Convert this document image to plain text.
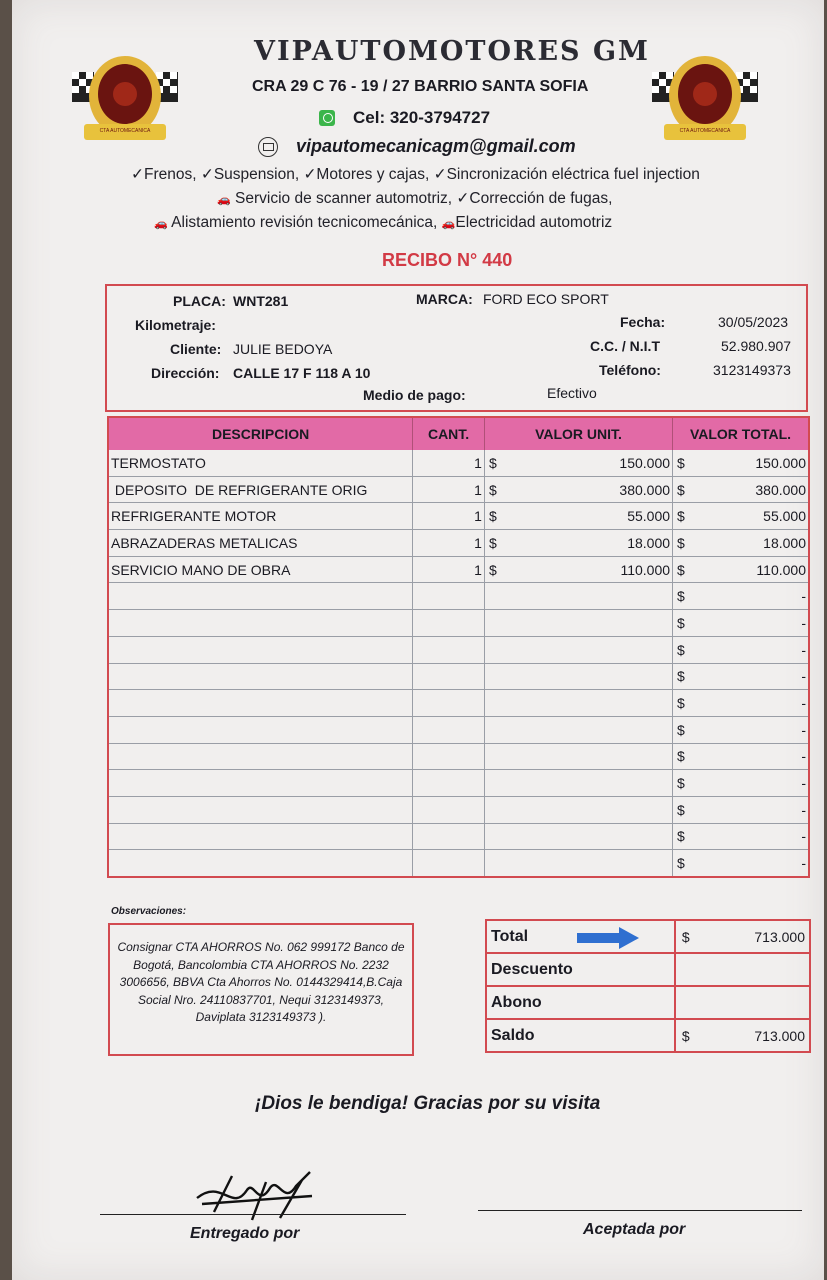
CTA AUTOMECANICA	CTA AUTOMECANICA
VIPAUTOMOTORES GM
CRA 29 C 76 - 19 / 27 BARRIO SANTA SOFIA
Cel: 320-3794727
vipautomecanicagm@gmail.com
✓Frenos, ✓Suspension, ✓Motores y cajas, ✓Sincronización eléctrica fuel injection
🚗 Servicio de scanner automotriz, ✓Corrección de fugas,
🚗 Alistamiento revisión tecnicomecánica, 🚗Electricidad automotriz
RECIBO N° 440
PLACA: WNT281	MARCA: FORD ECO SPORT
Kilometraje:	Fecha:	30/05/2023
Cliente: JULIE BEDOYA	C.C. / N.I.T	52.980.907
Dirección: CALLE 17 F 118 A 10	Teléfono:	3123149373
Medio de pago:	Efectivo
DESCRIPCION	CANT.	VALOR UNIT.	VALOR TOTAL.
TERMOSTATO	1	$ 150.000	$ 150.000
DEPOSITO  DE REFRIGERANTE ORIG	1	$ 380.000	$ 380.000
REFRIGERANTE MOTOR	1	$ 55.000	$ 55.000
ABRAZADERAS METALICAS	1	$ 18.000	$ 18.000
SERVICIO MANO DE OBRA	1	$ 110.000	$ 110.000

			$ -

			$ -

			$ -

			$ -

			$ -

			$ -

			$ -

			$ -

			$ -

			$ -

			$ -
Observaciones:
Consignar CTA AHORROS No. 062 999172 Banco de Bogotá, Bancolombia CTA AHORROS No. 2232 3006656, BBVA Cta Ahorros No. 0144329414,B.Caja Social Nro. 24110837701, Nequi 3123149373, Daviplata 3123149373 ).
Total	$ 713.000

Descuento	
Abono	
Saldo	$ 713.000
¡Dios le bendiga! Gracias por su visita
Entregado por	Aceptada por
